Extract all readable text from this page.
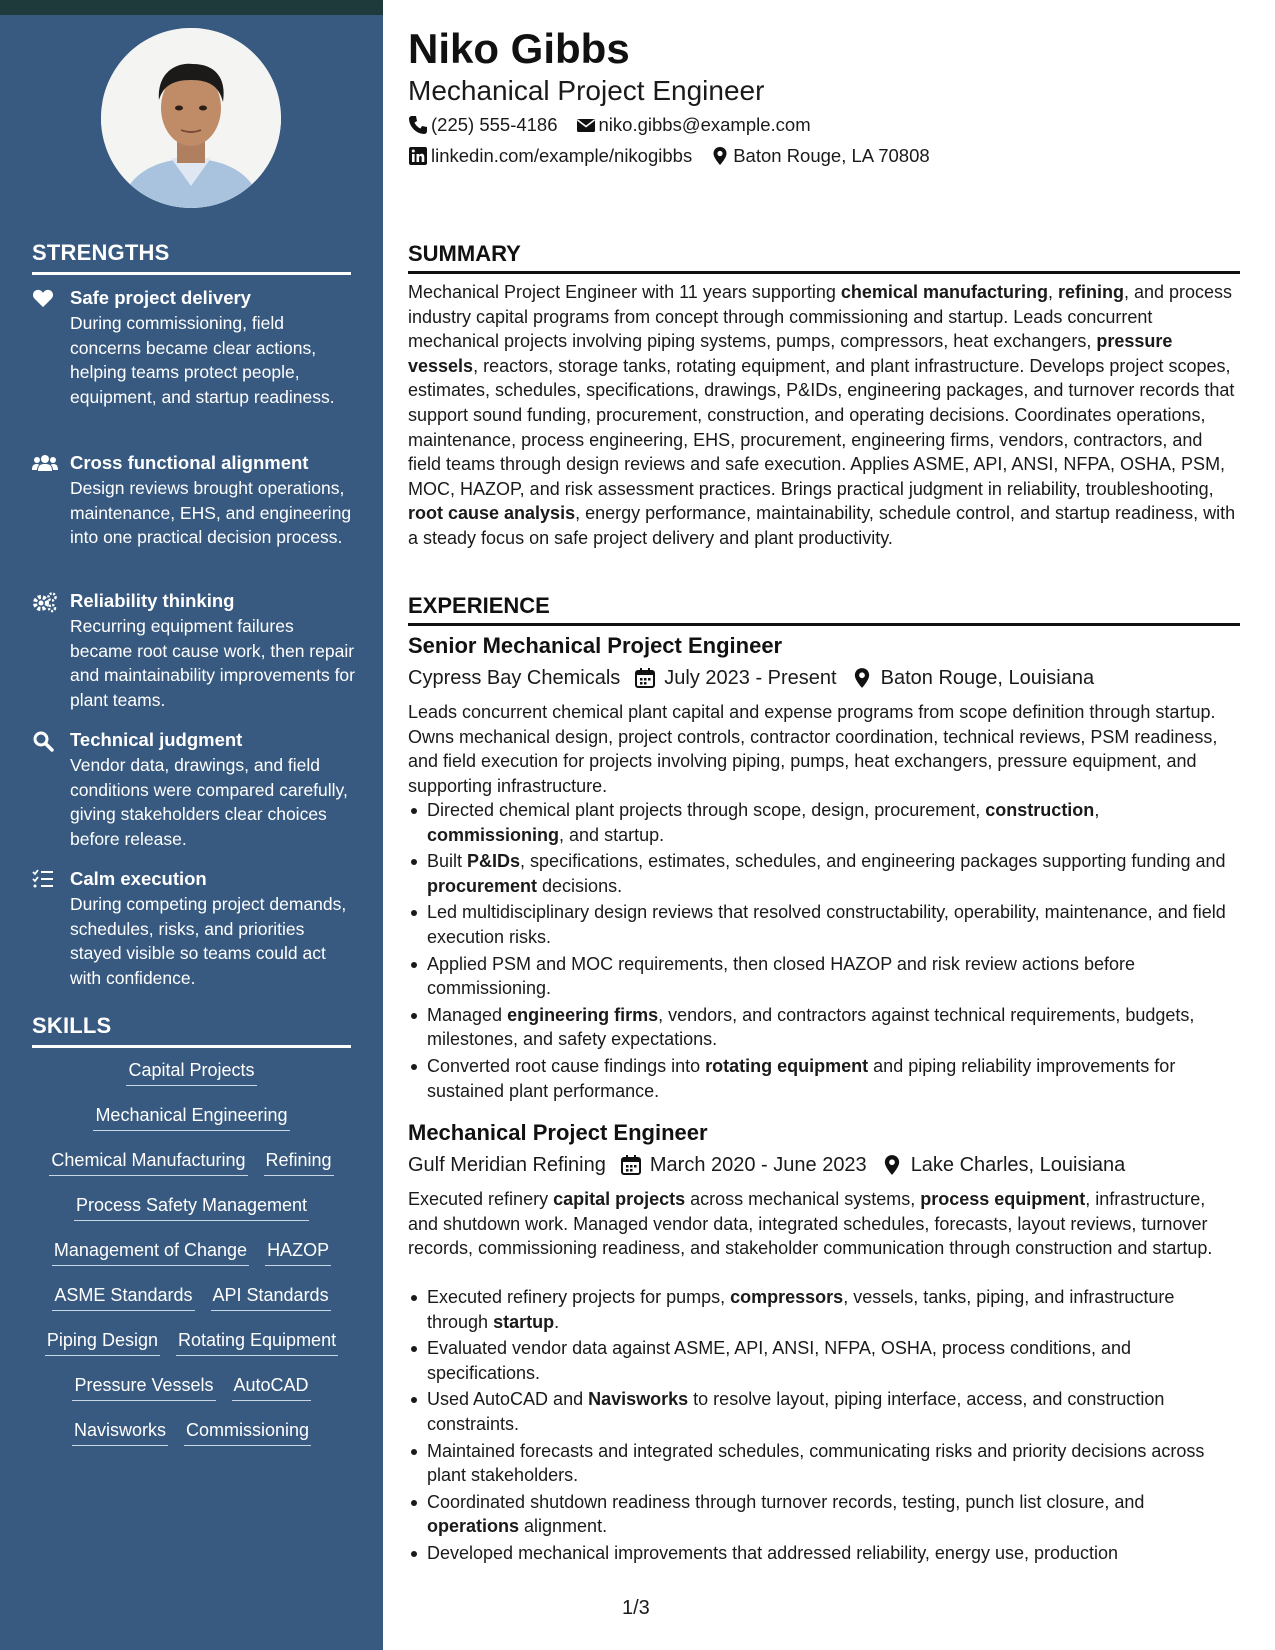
STRENGTHS
Safe project delivery
During commissioning, field concerns became clear actions, helping teams protect people, equipment, and startup readiness.
Cross functional alignment
Design reviews brought operations, maintenance, EHS, and engineering into one practical decision process.
Reliability thinking
Recurring equipment failures became root cause work, then repair and maintainability improvements for plant teams.
Technical judgment
Vendor data, drawings, and field conditions were compared carefully, giving stakeholders clear choices before release.
Calm execution
During competing project demands, schedules, risks, and priorities stayed visible so teams could act with confidence.
SKILLS
Capital Projects
Mechanical Engineering
Chemical Manufacturing Refining
Process Safety Management
Management of Change HAZOP
ASME Standards API Standards
Piping Design Rotating Equipment
Pressure Vessels AutoCAD
Navisworks Commissioning
Niko Gibbs
Mechanical Project Engineer
(225) 555-4186 niko.gibbs@example.com
linkedin.com/example/nikogibbs Baton Rouge, LA 70808
SUMMARY
Mechanical Project Engineer with 11 years supporting chemical manufacturing, refining, and process industry capital programs from concept through commissioning and startup. Leads concurrent mechanical projects involving piping systems, pumps, compressors, heat exchangers, pressure vessels, reactors, storage tanks, rotating equipment, and plant infrastructure. Develops project scopes, estimates, schedules, specifications, drawings, P&IDs, engineering packages, and turnover records that support sound funding, procurement, construction, and operating decisions. Coordinates operations, maintenance, process engineering, EHS, procurement, engineering firms, vendors, contractors, and field teams through design reviews and safe execution. Applies ASME, API, ANSI, NFPA, OSHA, PSM, MOC, HAZOP, and risk assessment practices. Brings practical judgment in reliability, troubleshooting, root cause analysis, energy performance, maintainability, schedule control, and startup readiness, with a steady focus on safe project delivery and plant productivity.
EXPERIENCE
Senior Mechanical Project Engineer
Cypress Bay Chemicals July 2023 - Present Baton Rouge, Louisiana
Leads concurrent chemical plant capital and expense programs from scope definition through startup. Owns mechanical design, project controls, contractor coordination, technical reviews, PSM readiness, and field execution for projects involving piping, pumps, heat exchangers, pressure equipment, and supporting infrastructure.
Directed chemical plant projects through scope, design, procurement, construction, commissioning, and startup.
Built P&IDs, specifications, estimates, schedules, and engineering packages supporting funding and procurement decisions.
Led multidisciplinary design reviews that resolved constructability, operability, maintenance, and field execution risks.
Applied PSM and MOC requirements, then closed HAZOP and risk review actions before commissioning.
Managed engineering firms, vendors, and contractors against technical requirements, budgets, milestones, and safety expectations.
Converted root cause findings into rotating equipment and piping reliability improvements for sustained plant performance.
Mechanical Project Engineer
Gulf Meridian Refining March 2020 - June 2023 Lake Charles, Louisiana
Executed refinery capital projects across mechanical systems, process equipment, infrastructure, and shutdown work. Managed vendor data, integrated schedules, forecasts, layout reviews, turnover records, commissioning readiness, and stakeholder communication through construction and startup.
Executed refinery projects for pumps, compressors, vessels, tanks, piping, and infrastructure through startup.
Evaluated vendor data against ASME, API, ANSI, NFPA, OSHA, process conditions, and specifications.
Used AutoCAD and Navisworks to resolve layout, piping interface, access, and construction constraints.
Maintained forecasts and integrated schedules, communicating risks and priority decisions across plant stakeholders.
Coordinated shutdown readiness through turnover records, testing, punch list closure, and operations alignment.
Developed mechanical improvements that addressed reliability, energy use, production
1/3
